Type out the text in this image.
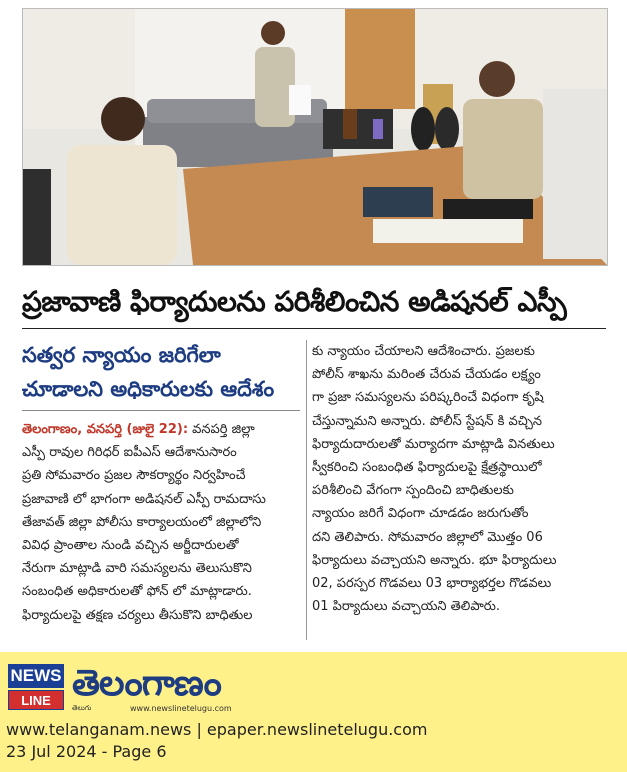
ప్రజావాణి ఫిర్యాదులను పరిశీలించిన అడిషనల్ ఎస్పీ
సత్వర న్యాయం జరిగేలా
చూడాలని అధికారులకు ఆదేశం
తెలంగాణం, వనపర్తి (జులై 22): వనపర్తి జిల్లా
ఎస్పీ రావుల గిరిధర్ ఐపీఎస్ ఆదేశానుసారం
ప్రతి సోమవారం ప్రజల సౌకర్యార్థం నిర్వహించే
ప్రజావాణి లో భాగంగా అడిషనల్ ఎస్పీ రామదాసు
తేజావత్ జిల్లా పోలీసు కార్యాలయంలో జిల్లాలోని
వివిధ ప్రాంతాల నుండి వచ్చిన అర్జీదారులతో
నేరుగా మాట్లాడి వారి సమస్యలను తెలుసుకొని
సంబంధిత అధికారులతో ఫోన్ లో మాట్లాడారు.
ఫిర్యాదులపై తక్షణ చర్యలు తీసుకొని బాధితుల
కు న్యాయం చేయాలని ఆదేశించారు. ప్రజలకు
పోలీస్ శాఖను మరింత చేరువ చేయడం లక్ష్యం
గా ప్రజా సమస్యలను పరిష్కరించే విధంగా కృషి
చేస్తున్నామని అన్నారు. పోలీస్ స్టేషన్ కి వచ్చిన
ఫిర్యాదుదారులతో మర్యాదగా మాట్లాడి వినతులు
స్వీకరించి సంబంధిత ఫిర్యాదులపై క్షేత్రస్థాయిలో
పరిశీలించి వేగంగా స్పందించి బాధితులకు
న్యాయం జరిగే విధంగా చూడడం జరుగుతోం
దని తెలిపారు. సోమవారం జిల్లాలో మొత్తం 06
ఫిర్యాదులు వచ్చాయని అన్నారు. భూ ఫిర్యాదులు
02, పరస్పర గొడవలు 03 భార్యాభర్తల గొడవలు
01 పిర్యాదులు వచ్చాయని తెలిపారు.
NEWS
LINE తెలంగాణం
తెలుగు	www.newslinetelugu.com
www.telanganam.news | epaper.newslinetelugu.com
23 Jul 2024 - Page 6
